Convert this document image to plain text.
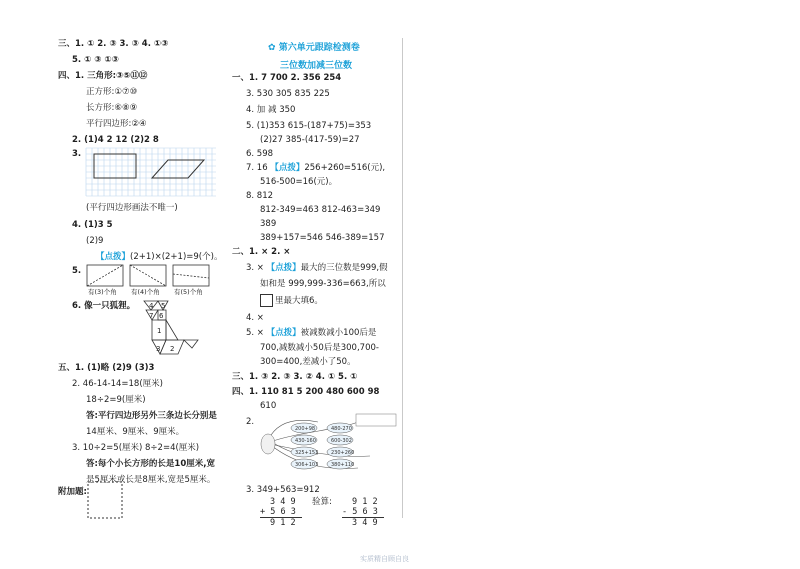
三、1. ① 2. ③ 3. ③ 4. ①③
5. ① ③ ①③
四、1. 三角形:③⑤⑪⑫
正方形:①⑦⑩
长方形:⑥⑧⑨
平行四边形:②④
2. (1)4 2 12 (2)2 8
3.
(平行四边形画法不唯一)
4. (1)3 5
(2)9
【点拨】(2+1)×(2+1)=9(个)。
5.
有(3)个角 有(4)个角 有(5)个角
6. 像一只狐狸。 4 5
7 6
1
3 2
五、1. (1)略 (2)9 (3)3
2. 46-14-14=18(厘米)
18÷2=9(厘米)
答:平行四边形另外三条边长分别是
14厘米、9厘米、9厘米。
3. 10÷2=5(厘米) 8÷2=4(厘米)
答:每个小长方形的长是10厘米,宽
是5厘米或长是8厘米,宽是5厘米。
附加题:
✿ 第六单元跟踪检测卷
三位数加减三位数
一、1. 7 700 2. 356 254
3. 530 305 835 225
4. 加 减 350
5. (1)353 615-(187+75)=353
(2)27 385-(417-59)=27
6. 598
7. 16 【点拨】256+260=516(元),
516-500=16(元)。
8. 812
812-349=463 812-463=349
389
389+157=546 546-389=157
二、1. × 2. ×
3. × 【点拨】最大的三位数是999,假
如和是 999,999-336=663,所以
里最大填6。
4. ×
5. × 【点拨】被减数减小100后是
700,减数减小50后是300,700-
300=400,差减小了50。
三、1. ③ 2. ③ 3. ② 4. ① 5. ①
四、1. 110 81 5 200 480 600 98
610
2.
200+98	480-270
430-160	600-302
325+153	230+260
306+103	380+110
3. 349+563=912
3 4 9
+ 5 6 3
9 1 2
验算: 9 1 2
- 5 6 3
3 4 9
实质精自顾自良
